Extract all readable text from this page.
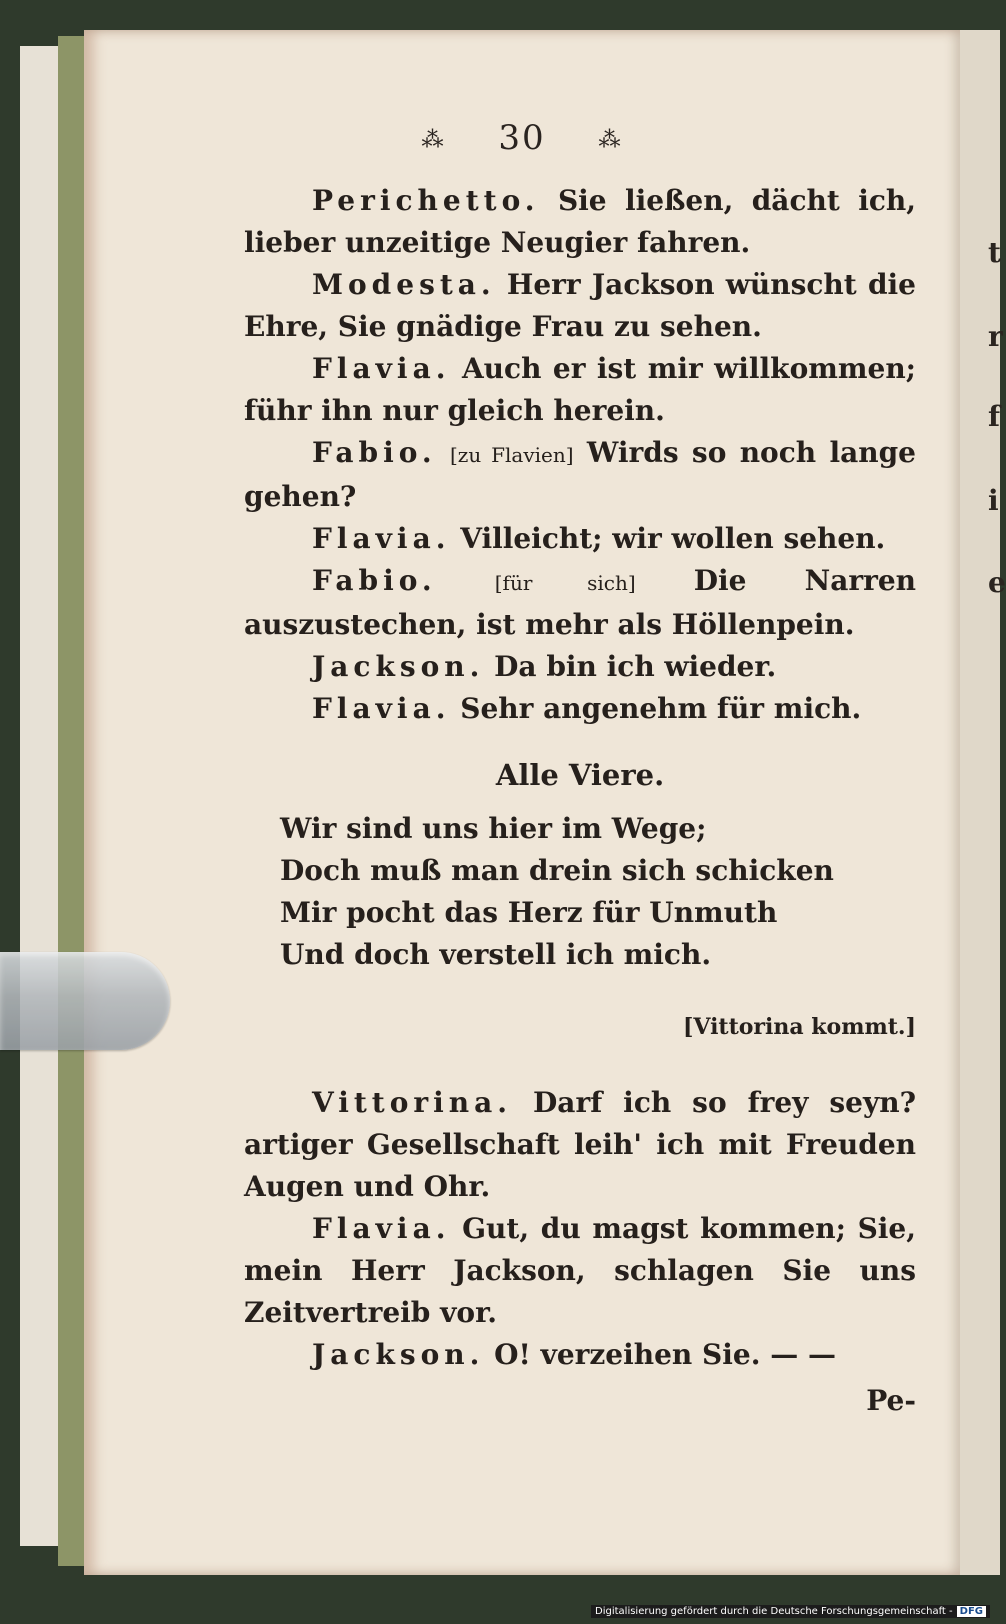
⁂ 30 ⁂

Perichetto. Sie ließen, dächt ich, lieber unzeitige Neugier fahren.

Modesta. Herr Jackson wünscht die Ehre, Sie gnädige Frau zu sehen.

Flavia. Auch er ist mir willkommen; führ ihn nur gleich herein.

Fabio. [zu Flavien] Wirds so noch lange gehen?

Flavia. Villeicht; wir wollen sehen.

Fabio.	[für sich] Die Narren auszustechen, ist mehr als Höllenpein.

Jackson. Da bin ich wieder.

Flavia. Sehr angenehm für mich.

Alle Viere.
Wir sind uns hier im Wege;
Doch muß man drein sich schicken
Mir pocht das Herz für Unmuth
Und doch verstell ich mich.
[Vittorina kommt.]

Vittorina. Darf ich so frey seyn? artiger Gesellschaft leih' ich mit Freuden Augen und Ohr.

Flavia. Gut, du magst kommen; Sie, mein Herr Jackson, schlagen Sie uns Zeitvertreib vor.

Jackson. O! verzeihen Sie. — —

Pe-
t
r
f
i
e
Digitalisierung gefördert durch die Deutsche Forschungsgemeinschaft - DFG
